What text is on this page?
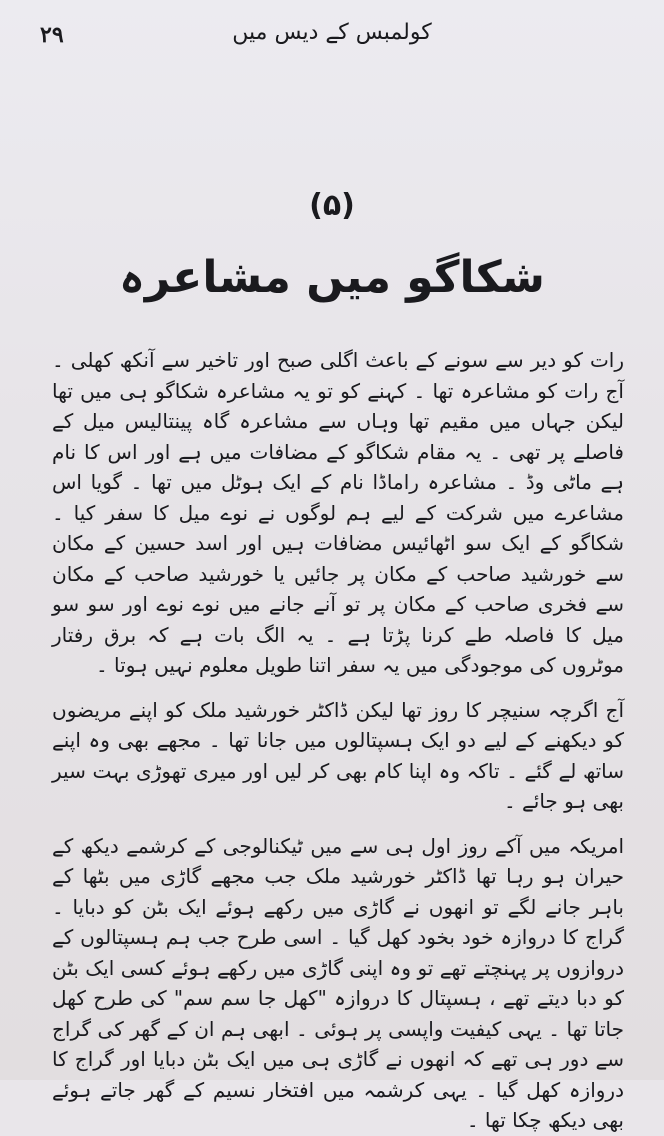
۲۹	کولمبس کے دیس میں
(۵)
شکاگو میں مشاعرہ

رات کو دیر سے سونے کے باعث اگلی صبح اور تاخیر سے آنکھ کھلی ۔ آج رات کو مشاعرہ تھا ۔ کہنے کو تو یہ مشاعرہ شکاگو ہی میں تھا لیکن جہاں میں مقیم تھا وہاں سے مشاعرہ گاہ پینتالیس میل کے فاصلے پر تھی ۔ یہ مقام شکاگو کے مضافات میں ہے اور اس کا نام ہے ماٹی وڈ ۔ مشاعرہ راماڈا نام کے ایک ہوٹل میں تھا ۔ گویا اس مشاعرے میں شرکت کے لیے ہم لوگوں نے نوے میل کا سفر کیا ۔ شکاگو کے ایک سو اٹھائیس مضافات ہیں اور اسد حسین کے مکان سے خورشید صاحب کے مکان پر جائیں یا خورشید صاحب کے مکان سے فخری صاحب کے مکان پر تو آنے جانے میں نوے نوے اور سو سو میل کا فاصلہ طے کرنا پڑتا ہے ۔ یہ الگ بات ہے کہ برق رفتار موٹروں کی موجودگی میں یہ سفر اتنا طویل معلوم نہیں ہوتا ۔

آج اگرچہ سنیچر کا روز تھا لیکن ڈاکٹر خورشید ملک کو اپنے مریضوں کو دیکھنے کے لیے دو ایک ہسپتالوں میں جانا تھا ۔ مجھے بھی وہ اپنے ساتھ لے گئے ۔ تاکہ وہ اپنا کام بھی کر لیں اور میری تھوڑی بہت سیر بھی ہو جائے ۔

امریکہ میں آکے روز اول ہی سے میں ٹیکنالوجی کے کرشمے دیکھ کے حیران ہو رہا تھا ڈاکٹر خورشید ملک جب مجھے گاڑی میں بٹھا کے باہر جانے لگے تو انھوں نے گاڑی میں رکھے ہوئے ایک بٹن کو دبایا ۔ گراج کا دروازہ خود بخود کھل گیا ۔ اسی طرح جب ہم ہسپتالوں کے دروازوں پر پہنچتے تھے تو وہ اپنی گاڑی میں رکھے ہوئے کسی ایک بٹن کو دبا دیتے تھے ، ہسپتال کا دروازہ "کھل جا سم سم" کی طرح کھل جاتا تھا ۔ یہی کیفیت واپسی پر ہوئی ۔ ابھی ہم ان کے گھر کی گراج سے دور ہی تھے کہ انھوں نے گاڑی ہی میں ایک بٹن دبایا اور گراج کا دروازہ کھل گیا ۔ یہی کرشمہ میں افتخار نسیم کے گھر جاتے ہوئے بھی دیکھ چکا تھا ۔
